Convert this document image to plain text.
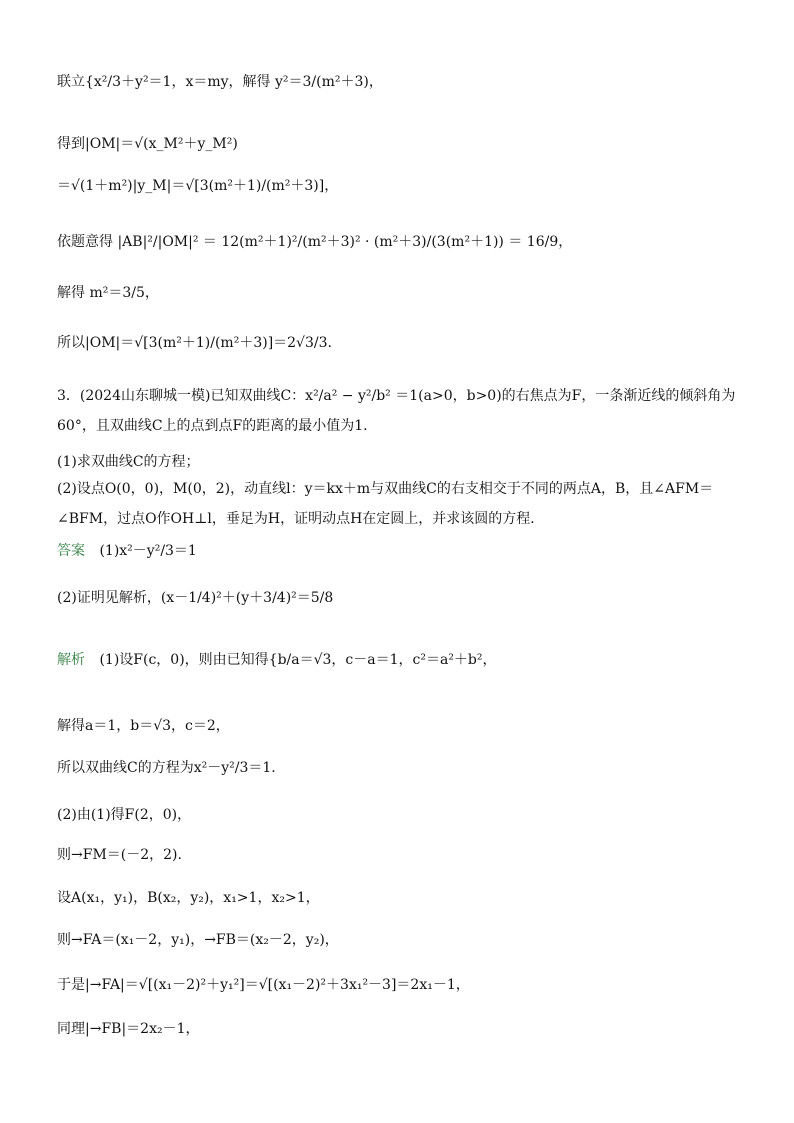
联立{x²/3＋y²＝1，x＝my，解得 y²＝3/(m²＋3)，
得到|OM|＝√(x_M²＋y_M²)
＝√(1＋m²)|y_M|＝√[3(m²＋1)/(m²＋3)]，
依题意得 |AB|²/|OM|² ＝ 12(m²＋1)²/(m²＋3)² · (m²＋3)/(3(m²＋1)) ＝ 16/9，
解得 m²＝3/5，
所以|OM|＝√[3(m²＋1)/(m²＋3)]＝2√3/3.
3．(2024山东聊城一模)已知双曲线C：x²/a² − y²/b² ＝1(a>0，b>0)的右焦点为F，一条渐近线的倾斜角为60°，且双曲线C上的点到点F的距离的最小值为1.
(1)求双曲线C的方程；
(2)设点O(0，0)，M(0，2)，动直线l：y＝kx＋m与双曲线C的右支相交于不同的两点A，B，且∠AFM＝∠BFM，过点O作OH⊥l，垂足为H，证明动点H在定圆上，并求该圆的方程．
答案 (1)x²－y²/3＝1
(2)证明见解析，(x－1/4)²＋(y＋3/4)²＝5/8
解析 (1)设F(c，0)，则由已知得{b/a＝√3，c－a＝1，c²＝a²＋b²，
解得a＝1，b＝√3，c＝2，
所以双曲线C的方程为x²－y²/3＝1.
(2)由(1)得F(2，0)，
则→FM＝(－2，2).
设A(x₁，y₁)，B(x₂，y₂)，x₁>1，x₂>1，
则→FA＝(x₁－2，y₁)，→FB＝(x₂－2，y₂)，
于是|→FA|＝√[(x₁－2)²＋y₁²]＝√[(x₁－2)²＋3x₁²－3]＝2x₁－1，
同理|→FB|＝2x₂－1，
